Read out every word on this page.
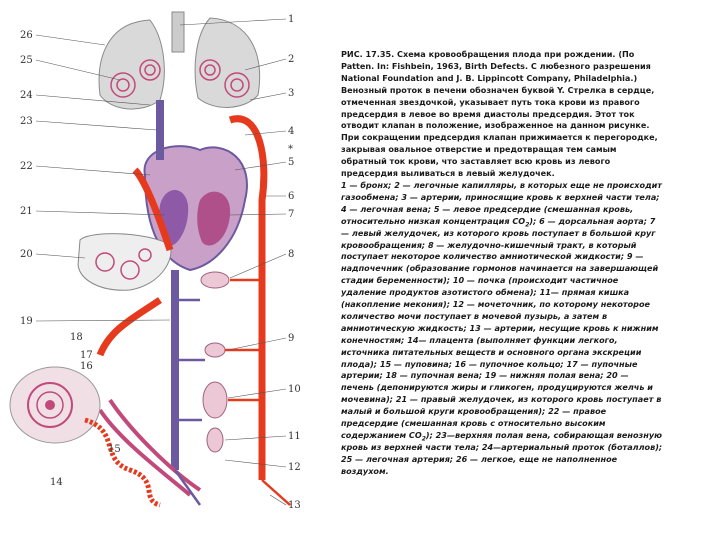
1
2
3
4
*
5
6
7
8
9
10
11
12
13
26
25
24
23
22
21
20
19
18
17
16
15
14

РИС. 17.35. Схема кровообращения плода при рождении. (По Patten. In: Fishbein, 1963, Birth Defects. С любезного разрешения National Foundation and J. B. Lippincott Company, Philadelphia.)

Венозный проток в печени обозначен буквой Y. Стрелка в сердце, отмеченная звездочкой, указывает путь тока крови из правого предсердия в левое во время диастолы предсердия. Этот ток отводит клапан в положение, изображенное на данном рисунке. При сокращении предсердия клапан прижимается к перегородке, закрывая овальное отверстие и предотвращая тем самым обратный ток крови, что заставляет всю кровь из левого предсердия выливаться в левый желудочек.

1 — бронх; 2 — легочные капилляры, в которых еще не происходит газообмена; 3 — артерии, приносящие кровь к верхней части тела; 4 — легочная вена; 5 — левое предсердие (смешанная кровь, относительно низкая концентрация $СО_2$); 6 — дорсальная аорта; 7 — левый желудочек, из которого кровь поступает в большой круг кровообращения; 8 — желудочно-кишечный тракт, в который поступает некоторое количество амниотической жидкости; 9 — надпочечник (образование гормонов начинается на завершающей стадии беременности); 10 — почка (происходит частичное удаление продуктов азотистого обмена); 11— прямая кишка (накопление мекония); 12 — мочеточник, по которому некоторое количество мочи поступает в мочевой пузырь, а затем в амниотическую жидкость; 13 — артерии, несущие кровь к нижним конечностям; 14— плацента (выполняет функции легкого, источника питательных веществ и основного органа экскреции плода); 15 — пуповина; 16 — пупочное кольцо; 17 — пупочные артерии; 18 — пупочная вена; 19 — нижняя полая вена; 20 — печень (депонируются жиры и гликоген, продуцируются желчь и мочевина); 21 — правый желудочек, из которого кровь поступает в малый и большой круги кровообращения); 22 — правое предсердие (смешанная кровь с относительно высоким содержанием $СО_2$); 23—верхняя полая вена, собирающая венозную кровь из верхней части тела; 24—артериальный проток (боталлов); 25 — легочная артерия; 26 — легкое, еще не наполненное воздухом.
